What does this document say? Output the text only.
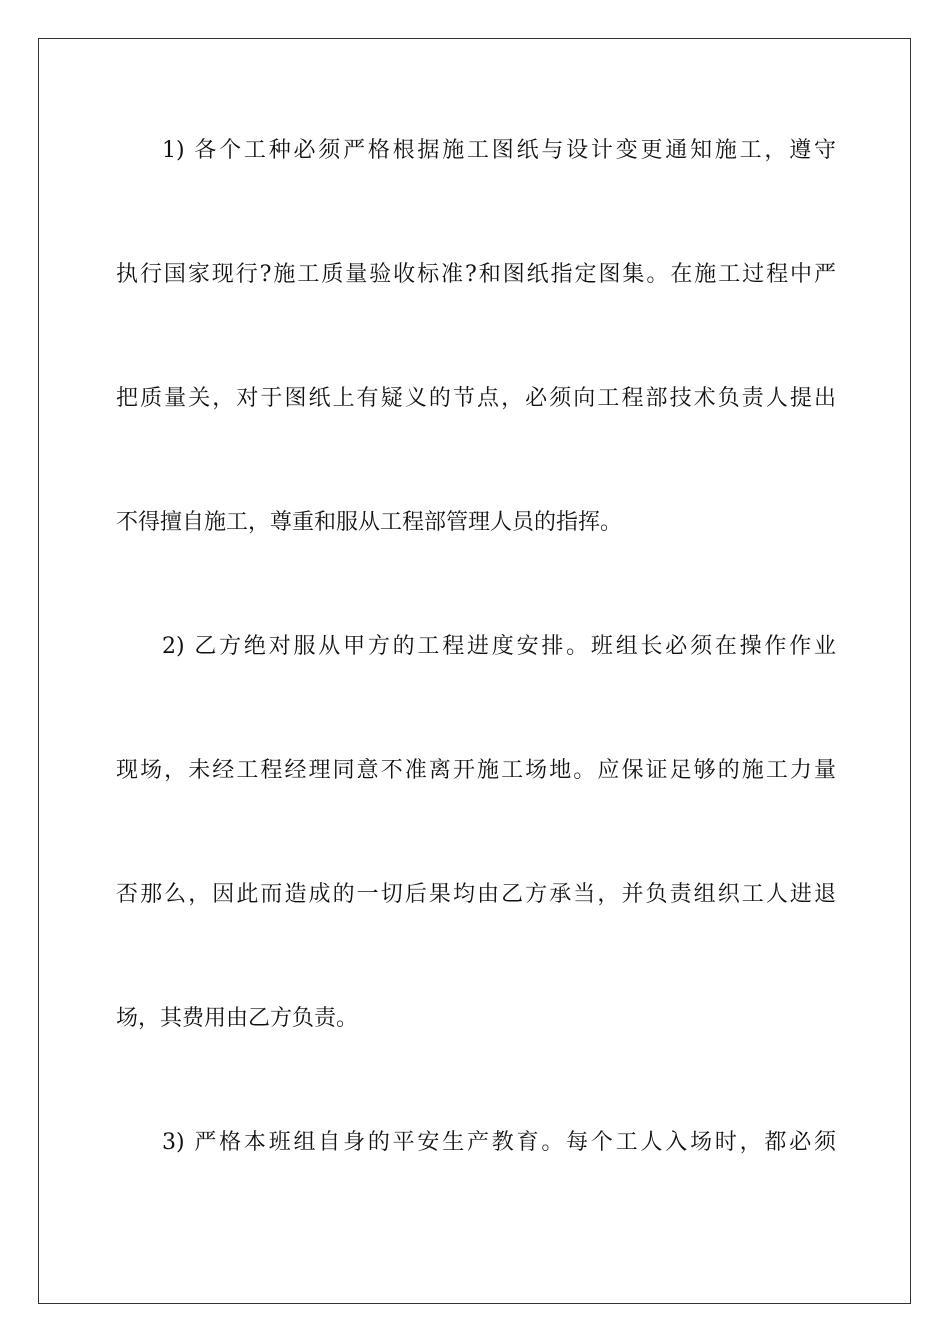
1) 各个工种必须严格根据施工图纸与设计变更通知施工，遵守
执行国家现行?施工质量验收标准?和图纸指定图集。在施工过程中严
把质量关，对于图纸上有疑义的节点，必须向工程部技术负责人提出
不得擅自施工，尊重和服从工程部管理人员的指挥。
2) 乙方绝对服从甲方的工程进度安排。班组长必须在操作作业
现场，未经工程经理同意不准离开施工场地。应保证足够的施工力量
否那么，因此而造成的一切后果均由乙方承当，并负责组织工人进退
场，其费用由乙方负责。
3) 严格本班组自身的平安生产教育。每个工人入场时，都必须
